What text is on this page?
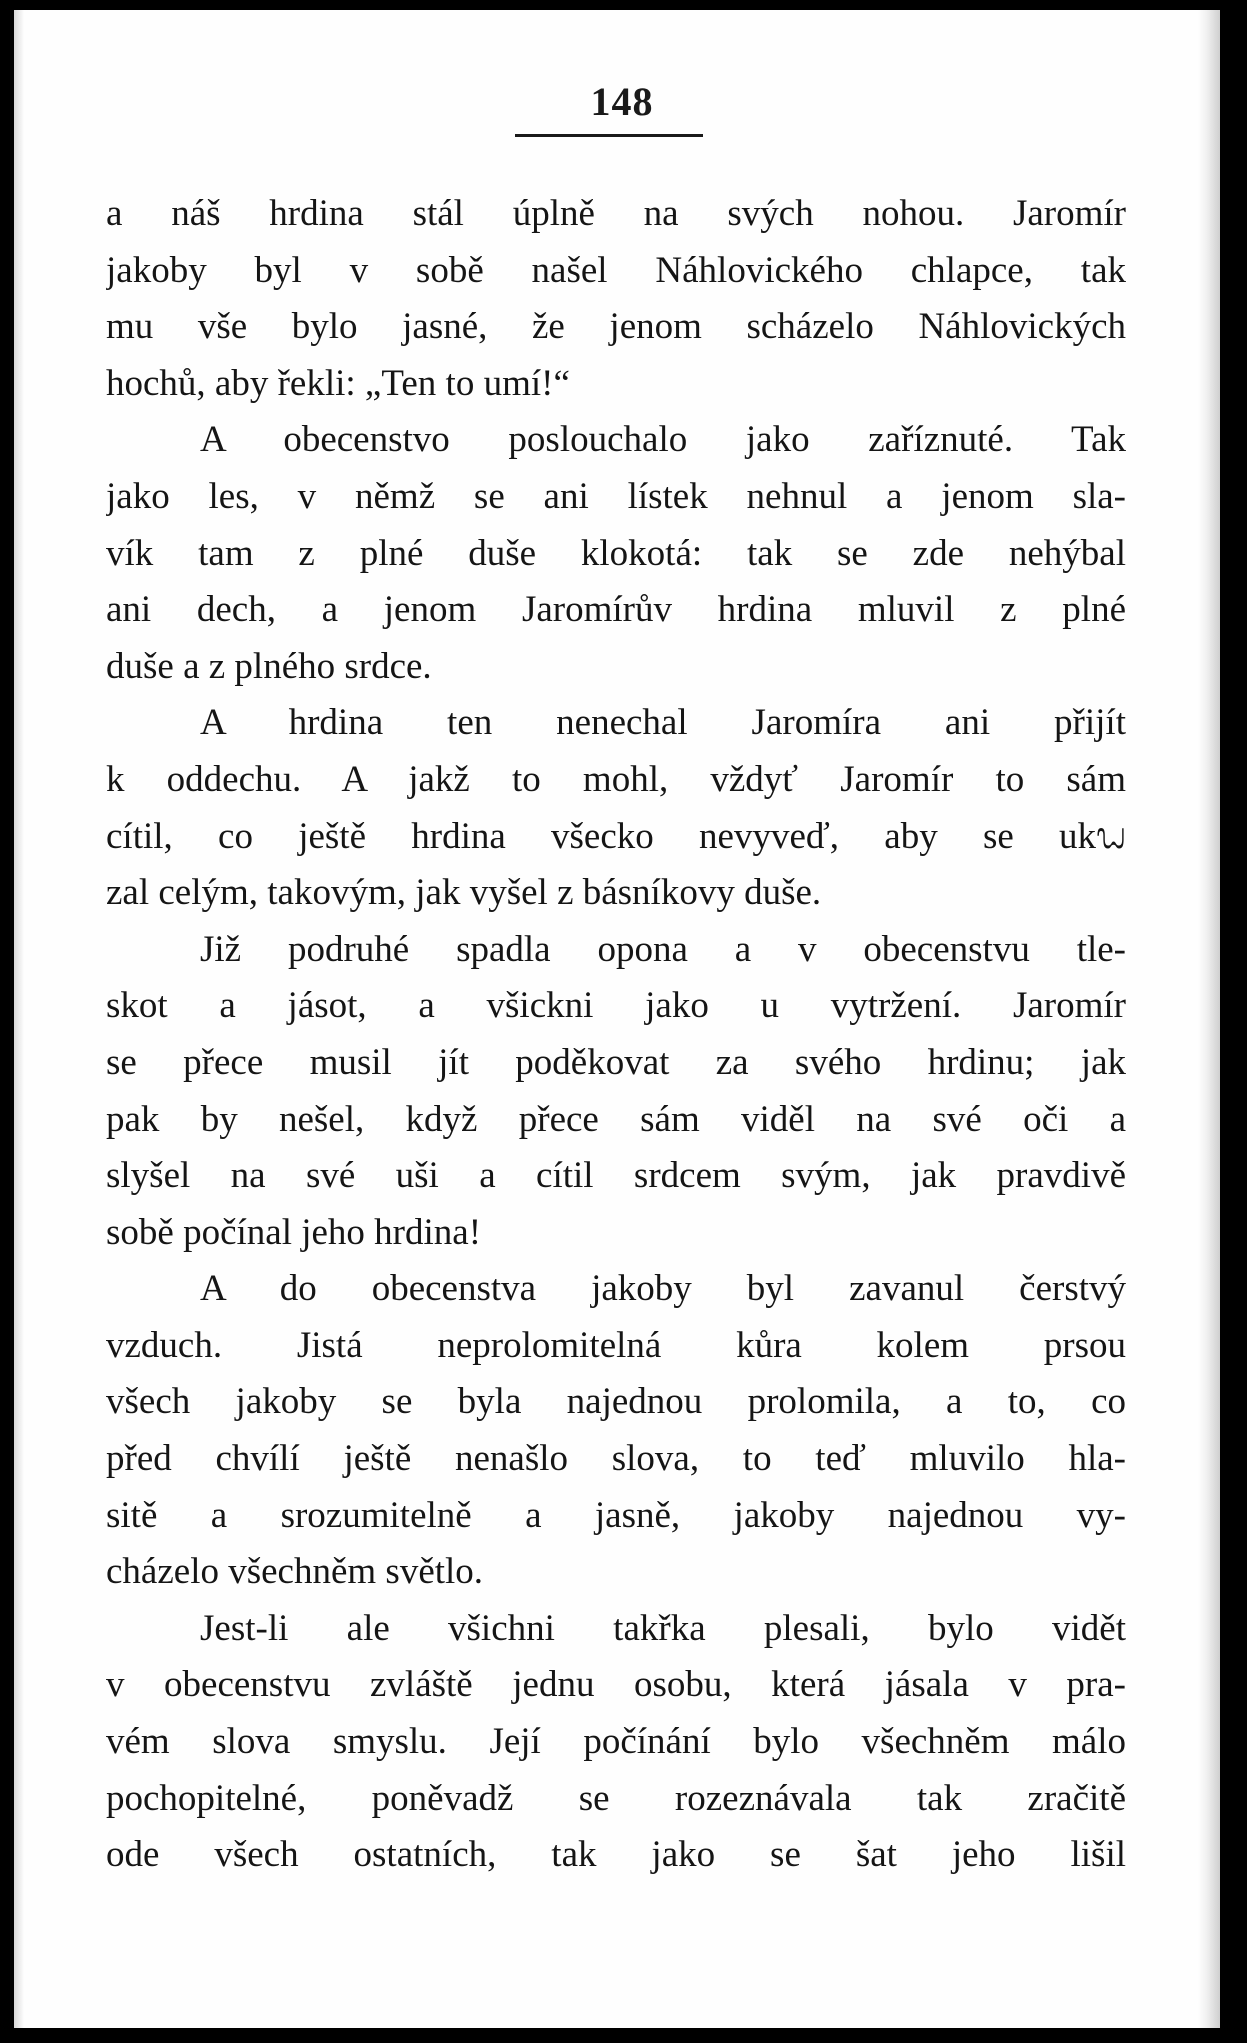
148
a náš hrdina stál úplně na svých nohou. Jaromír
jakoby byl v sobě našel Náhlovického chlapce, tak
mu vše bylo jasné, že jenom scházelo Náhlovických
hochů, aby řekli: „Ten to umí!“
A obecenstvo poslouchalo jako zaříznuté. Tak
jako les, v němž se ani lístek nehnul a jenom sla-
vík tam z plné duše klokotá: tak se zde nehýbal
ani dech, a jenom Jaromírův hrdina mluvil z plné
duše a z plného srdce.
A hrdina ten nenechal Jaromíra ani přijít
k oddechu. A jakž to mohl, vždyť Jaromír to sám
cítil, co ještě hrdina všecko nevyveď, aby se ukᬠ
zal celým, takovým, jak vyšel z básníkovy duše.
Již podruhé spadla opona a v obecenstvu tle-
skot a jásot, a všickni jako u vytržení. Jaromír
se přece musil jít poděkovat za svého hrdinu; jak
pak by nešel, když přece sám viděl na své oči a
slyšel na své uši a cítil srdcem svým, jak pravdivě
sobě počínal jeho hrdina!
A do obecenstva jakoby byl zavanul čerstvý
vzduch. Jistá neprolomitelná kůra kolem prsou
všech jakoby se byla najednou prolomila, a to, co
před chvílí ještě nenašlo slova, to teď mluvilo hla-
sitě a srozumitelně a jasně, jakoby najednou vy-
cházelo všechněm světlo.
Jest-li ale všichni takřka plesali, bylo vidět
v obecenstvu zvláště jednu osobu, která jásala v pra-
vém slova smyslu. Její počínání bylo všechněm málo
pochopitelné, poněvadž se rozeznávala tak zračitě
ode všech ostatních, tak jako se šat jeho lišil
